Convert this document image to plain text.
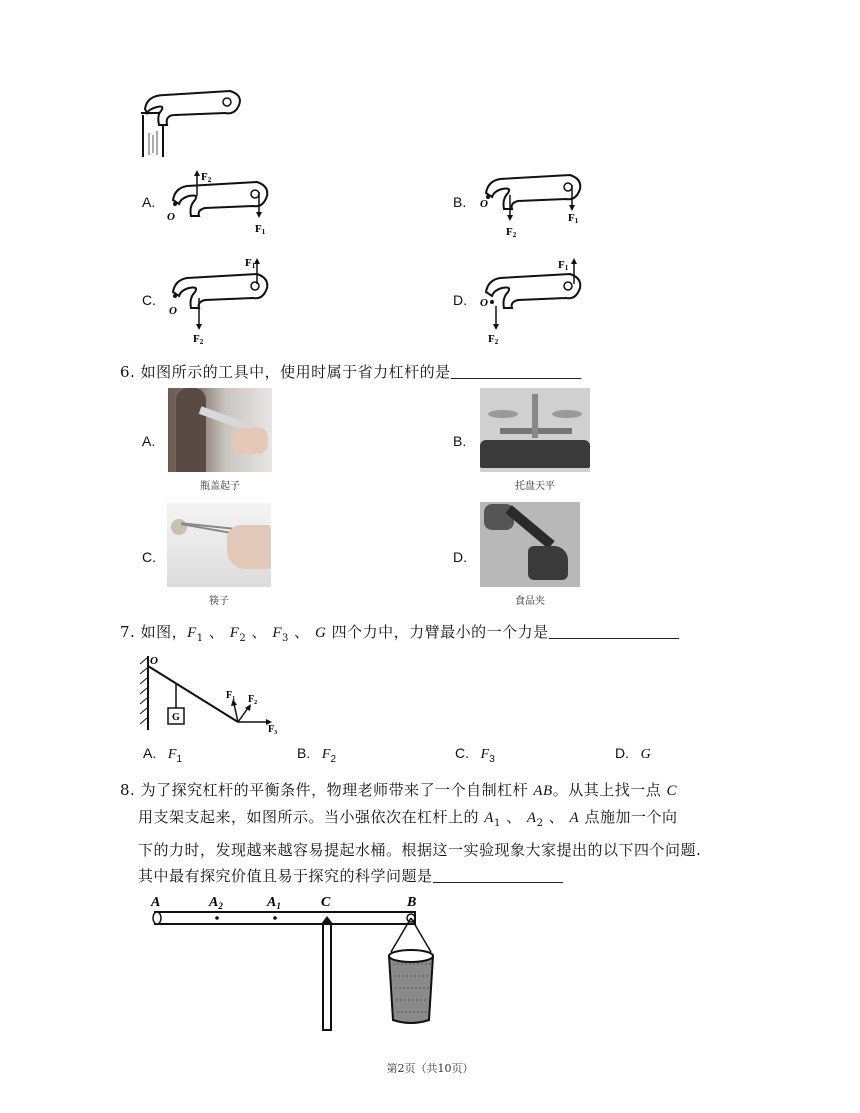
A.
F2
F1
O
B.
F2
F1
O
C.
F1
F2
O
D.
F1
F2
O
6. 如图所示的工具中，使用时属于省力杠杆的是
A.
瓶盖起子
B.
托盘天平
C.
筷子
D.
食品夹
7. 如图，$F_1$ 、 $F_2$ 、 $F_3$ 、 G 四个力中，力臂最小的一个力是
G
O
$F_1$ $F_2$
$F_3$
A. $F_1$	B. $F_2$	C. $F_3$	D. G
8. 为了探究杠杆的平衡条件，物理老师带来了一个自制杠杆 AB。从其上找一点 C
用支架支起来，如图所示。当小强依次在杠杆上的 $A_1$ 、 $A_2$ 、 A 点施加一个向
下的力时，发现越来越容易提起水桶。根据这一实验现象大家提出的以下四个问题.
其中最有探究价值且易于探究的科学问题是
A	$A_2$	$A_1$	C	B
第2页（共10页）
